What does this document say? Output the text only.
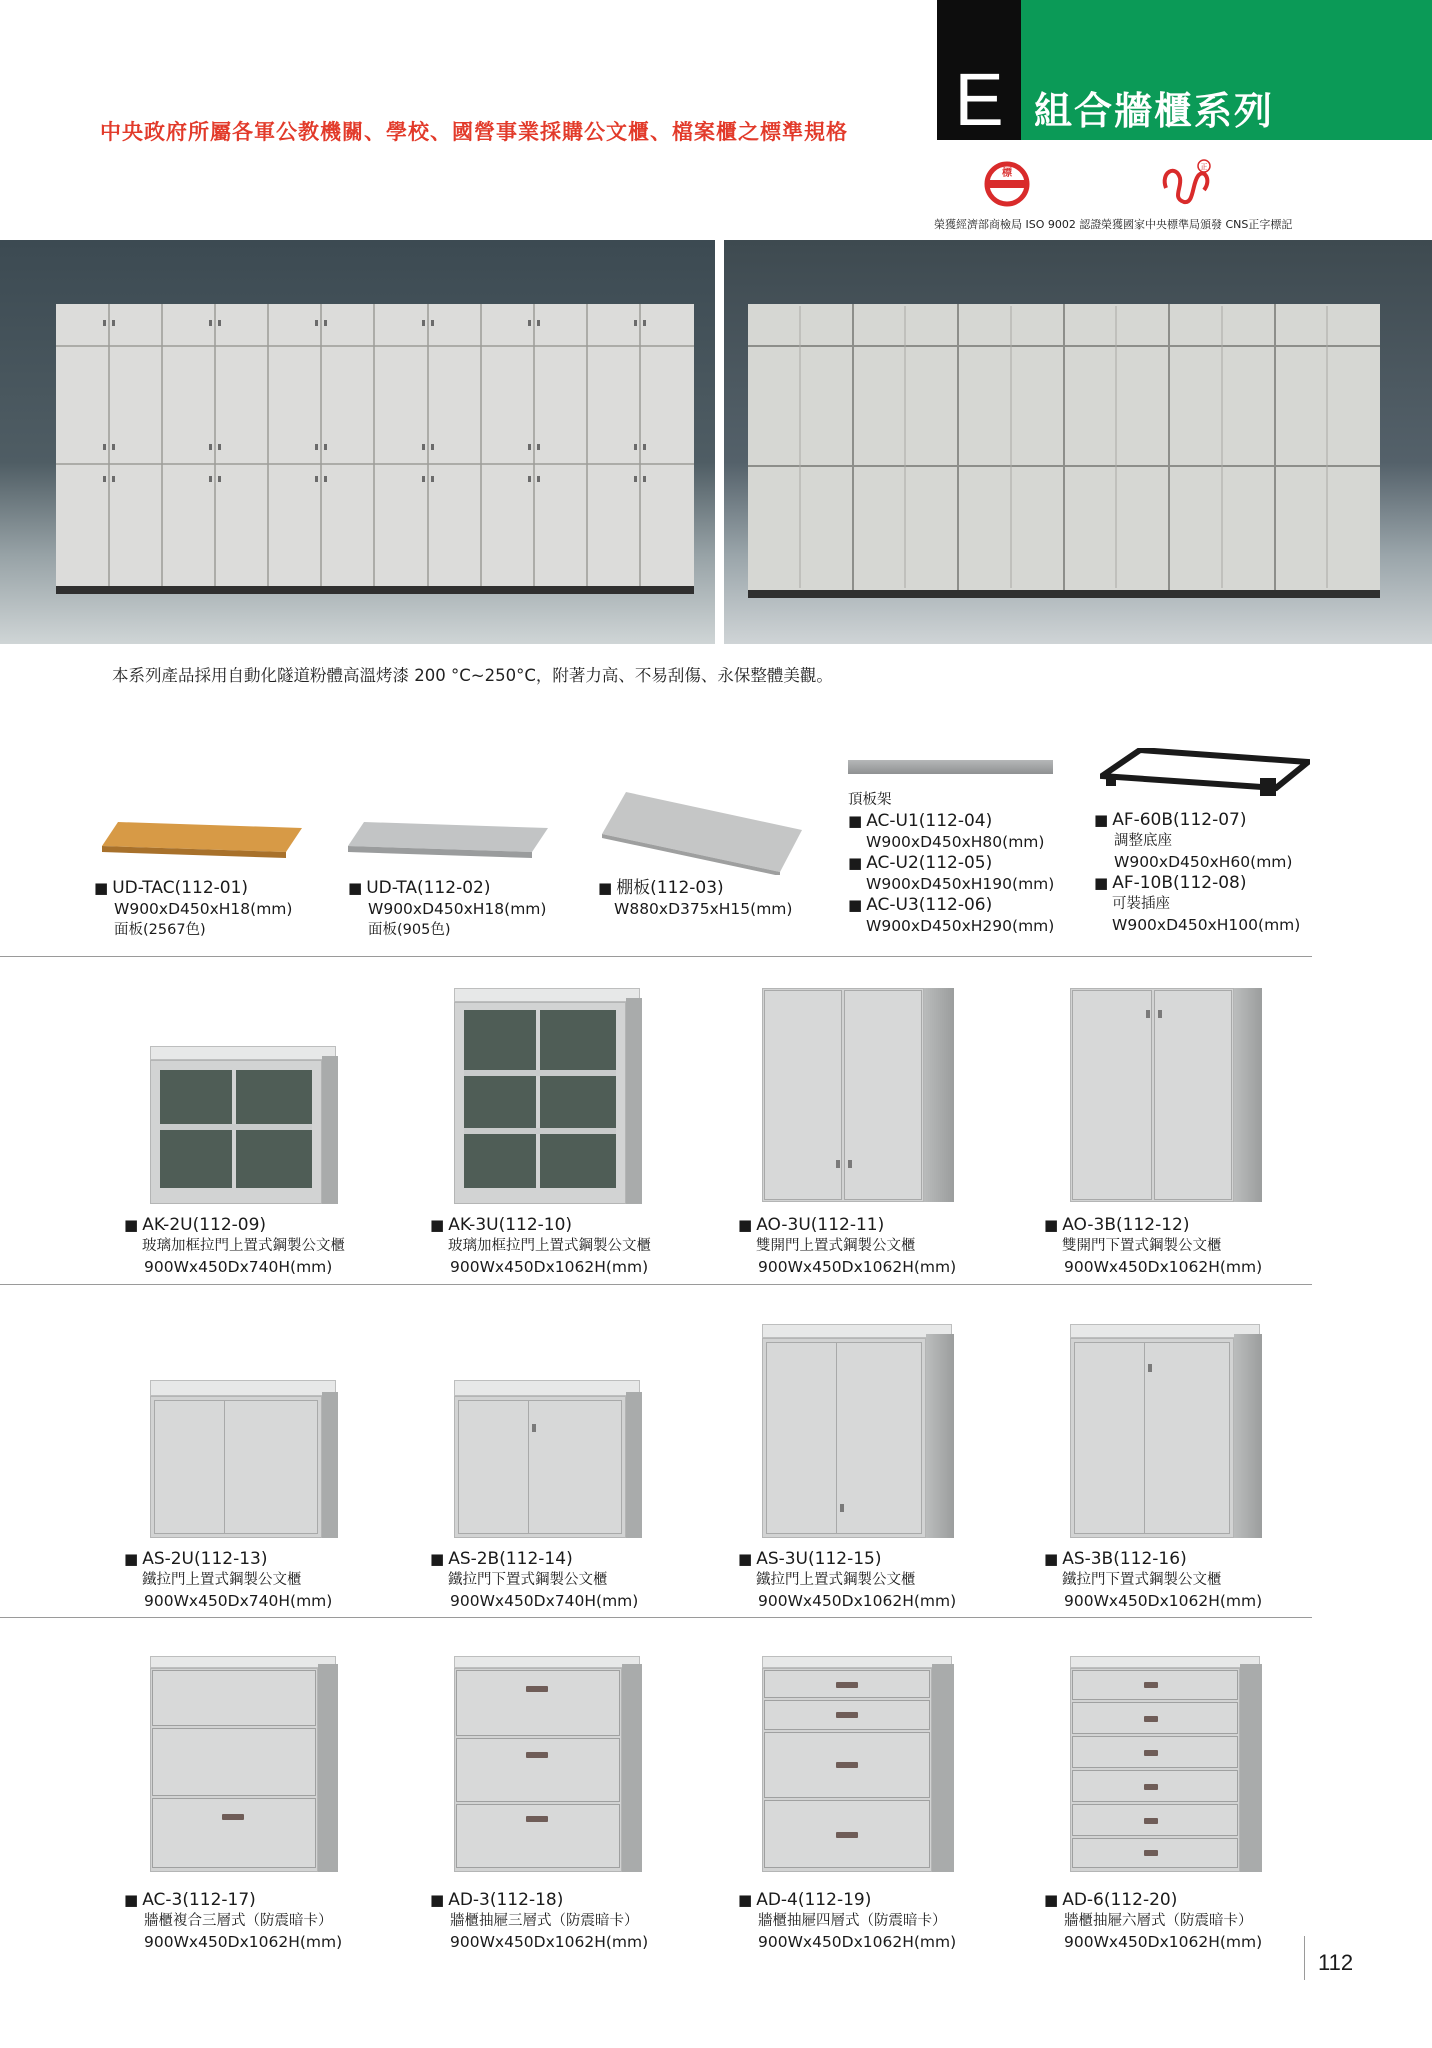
E 組合牆櫃系列
中央政府所屬各軍公教機關、學校、國營事業採購公文櫃、檔案櫃之標準規格
標
正
榮獲經濟部商檢局 ISO 9002 認證 榮獲國家中央標準局頒發 CNS正字標記
本系列產品採用自動化隧道粉體高溫烤漆 200 °C~250°C，附著力高、不易刮傷、永保整體美觀。
■ UD-TAC(112-01)
W900xD450xH18(mm)
面板(2567色)
■ UD-TA(112-02)
W900xD450xH18(mm)
面板(905色)
■ 棚板(112-03)
W880xD375xH15(mm)
頂板架
■ AC-U1(112-04)
W900xD450xH80(mm)
■ AC-U2(112-05)
W900xD450xH190(mm)
■ AC-U3(112-06)
W900xD450xH290(mm)
■ AF-60B(112-07)
調整底座
W900xD450xH60(mm)
■ AF-10B(112-08)
可裝插座
W900xD450xH100(mm)
■ AK-2U(112-09)
玻璃加框拉門上置式鋼製公文櫃
900Wx450Dx740H(mm)
■ AK-3U(112-10)
玻璃加框拉門上置式鋼製公文櫃
900Wx450Dx1062H(mm)
■ AO-3U(112-11)
雙開門上置式鋼製公文櫃
900Wx450Dx1062H(mm)
■ AO-3B(112-12)
雙開門下置式鋼製公文櫃
900Wx450Dx1062H(mm)
■ AS-2U(112-13)
鐵拉門上置式鋼製公文櫃
900Wx450Dx740H(mm)
■ AS-2B(112-14)
鐵拉門下置式鋼製公文櫃
900Wx450Dx740H(mm)
■ AS-3U(112-15)
鐵拉門上置式鋼製公文櫃
900Wx450Dx1062H(mm)
■ AS-3B(112-16)
鐵拉門下置式鋼製公文櫃
900Wx450Dx1062H(mm)
■ AC-3(112-17)
牆櫃複合三層式（防震暗卡）
900Wx450Dx1062H(mm)
■ AD-3(112-18)
牆櫃抽屜三層式（防震暗卡）
900Wx450Dx1062H(mm)
■ AD-4(112-19)
牆櫃抽屜四層式（防震暗卡）
900Wx450Dx1062H(mm)
■ AD-6(112-20)
牆櫃抽屜六層式（防震暗卡）
900Wx450Dx1062H(mm)
112
